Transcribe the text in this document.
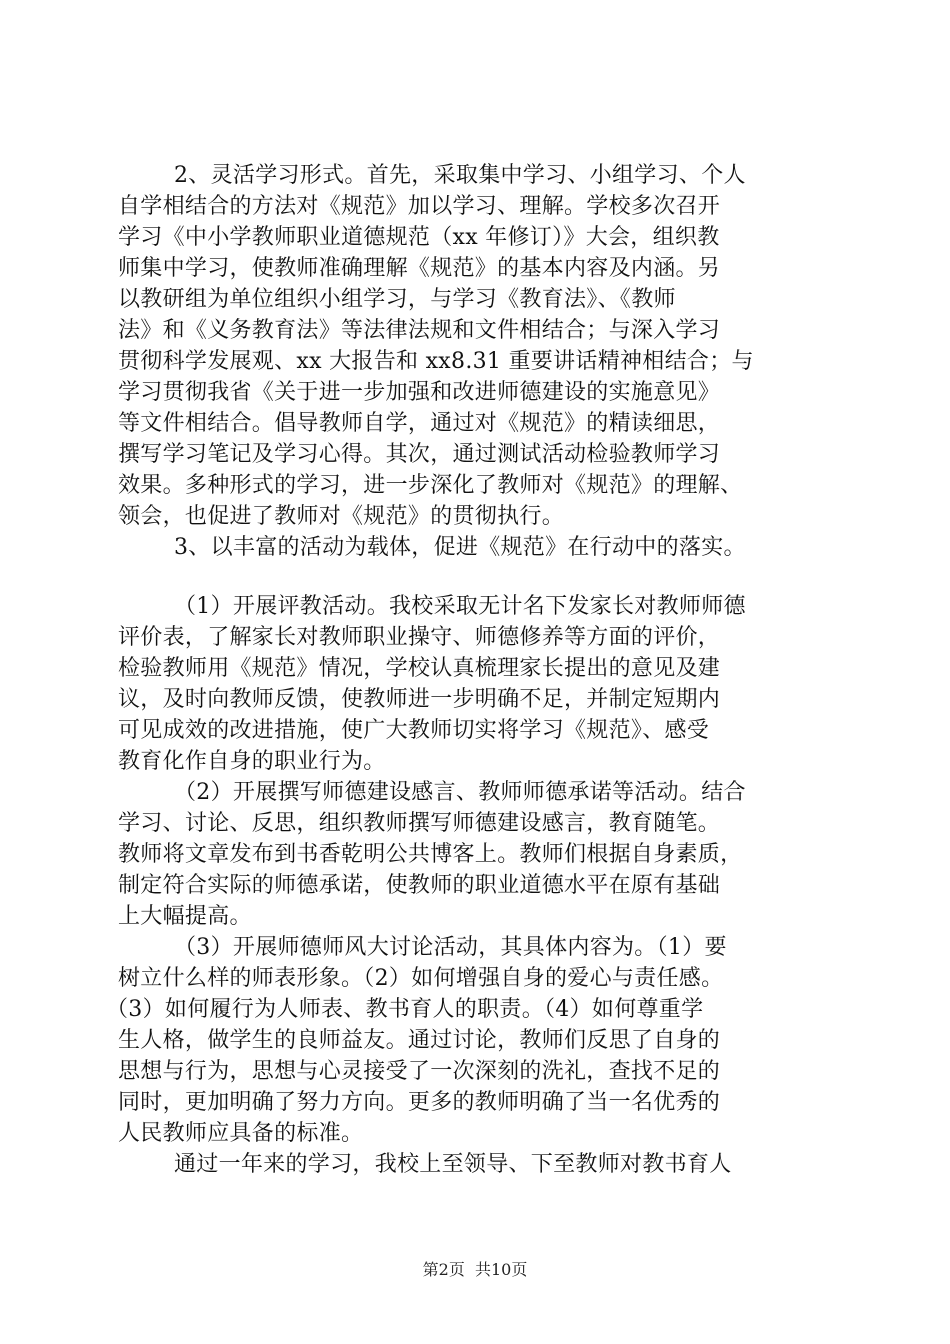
2、灵活学习形式。首先，采取集中学习、小组学习、个人
自学相结合的方法对《规范》加以学习、理解。学校多次召开
学习《中小学教师职业道德规范（xx 年修订）》大会，组织教
师集中学习，使教师准确理解《规范》的基本内容及内涵。另
以教研组为单位组织小组学习，与学习《教育法》、《教师
法》和《义务教育法》等法律法规和文件相结合；与深入学习
贯彻科学发展观、xx 大报告和 xx8.31 重要讲话精神相结合；与
学习贯彻我省《关于进一步加强和改进师德建设的实施意见》
等文件相结合。倡导教师自学，通过对《规范》的精读细思，
撰写学习笔记及学习心得。其次，通过测试活动检验教师学习
效果。多种形式的学习，进一步深化了教师对《规范》的理解、
领会，也促进了教师对《规范》的贯彻执行。
3、以丰富的活动为载体，促进《规范》在行动中的落实。
（1）开展评教活动。我校采取无计名下发家长对教师师德
评价表，了解家长对教师职业操守、师德修养等方面的评价，
检验教师用《规范》情况，学校认真梳理家长提出的意见及建
议，及时向教师反馈，使教师进一步明确不足，并制定短期内
可见成效的改进措施，使广大教师切实将学习《规范》、感受
教育化作自身的职业行为。
（2）开展撰写师德建设感言、教师师德承诺等活动。结合
学习、讨论、反思，组织教师撰写师德建设感言，教育随笔。
教师将文章发布到书香乾明公共博客上。教师们根据自身素质，
制定符合实际的师德承诺，使教师的职业道德水平在原有基础
上大幅提高。
（3）开展师德师风大讨论活动，其具体内容为。（1）要
树立什么样的师表形象。（2）如何增强自身的爱心与责任感。
（3）如何履行为人师表、教书育人的职责。（4）如何尊重学
生人格，做学生的良师益友。通过讨论，教师们反思了自身的
思想与行为，思想与心灵接受了一次深刻的洗礼，查找不足的
同时，更加明确了努力方向。更多的教师明确了当一名优秀的
人民教师应具备的标准。
通过一年来的学习，我校上至领导、下至教师对教书育人
第2页  共10页
